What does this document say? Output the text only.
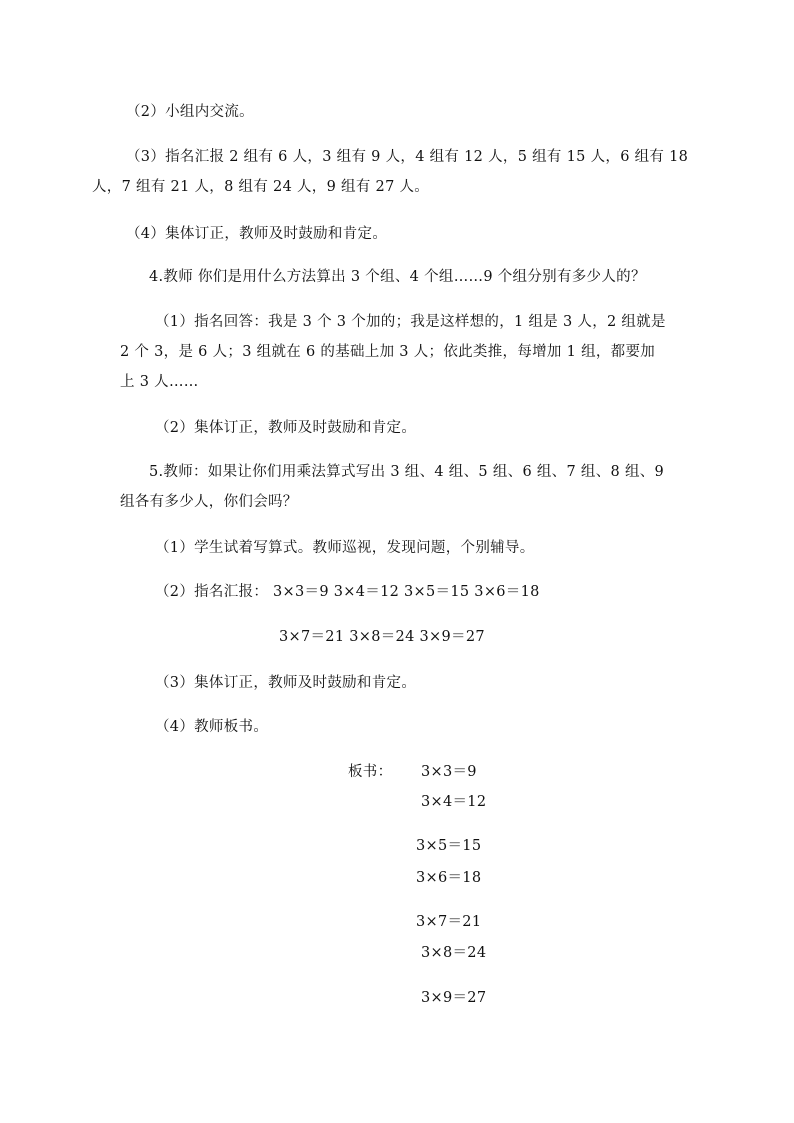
（2）小组内交流。
（3）指名汇报 2 组有 6 人，3 组有 9 人，4 组有 12 人，5 组有 15 人，6 组有 18
人，7 组有 21 人，8 组有 24 人，9 组有 27 人。
（4）集体订正，教师及时鼓励和肯定。
4.教师 你们是用什么方法算出 3 个组、4 个组……9 个组分别有多少人的？
（1）指名回答：我是 3 个 3 个加的；我是这样想的，1 组是 3 人，2 组就是
2 个 3，是 6 人；3 组就在 6 的基础上加 3 人；依此类推，每增加 1 组，都要加
上 3 人……
（2）集体订正，教师及时鼓励和肯定。
5.教师：如果让你们用乘法算式写出 3 组、4 组、5 组、6 组、7 组、8 组、9
组各有多少人，你们会吗？
（1）学生试着写算式。教师巡视，发现问题，个别辅导。
（2）指名汇报： 3×3＝9 3×4＝12 3×5＝15 3×6＝18
3×7＝21 3×8＝24 3×9＝27
（3）集体订正，教师及时鼓励和肯定。
（4）教师板书。
板书： 3×3＝9
3×4＝12
3×5＝15
3×6＝18
3×7＝21
3×8＝24
3×9＝27
